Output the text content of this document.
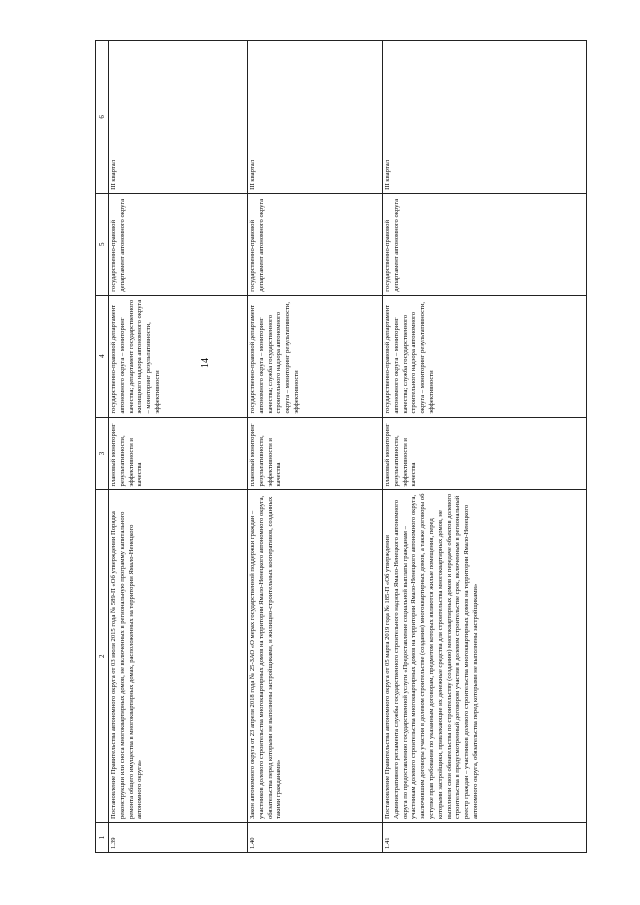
14
1
2
3
4
5
6
1.39
Постановление Правительства автономного округа от 03 июля 2015 года № 589-П «Об утверждении Порядка реконструкции или сноса многоквартирных домов, не включенных в региональную программу капитального ремонта общего имущества в многоквартирных домах, расположенных на территории Ямало-Ненецкого автономного округа»
плановый мониторинг результативности, эффективности и качества
государственно-правовой департамент автономного округа – мониторинг качества; департамент государственного жилищного надзора автономного округа – мониторинг результативности, эффективности
государственно-правовой департамент автономного округа
III квартал
1.40
Закон автономного округа от 23 апреля 2018 года № 25-ЗАО «О мерах государственной поддержки граждан – участников долевого строительства многоквартирных домов на территории Ямало-Ненецкого автономного округа, обязательства перед которыми не выполнены застройщиками, и жилищно-строительных кооперативов, созданных такими гражданами»
плановый мониторинг результативности, эффективности и качества
государственно-правовой департамент автономного округа – мониторинг качества; служба государственного строительного надзора автономного округа – мониторинг результативности, эффективности
государственно-правовой департамент автономного округа
III квартал
1.41
Постановление Правительства автономного округа от 05 марта 2019 года № 185-П «Об утверждении Административного регламента службы государственного строительного надзора Ямало-Ненецкого автономного округа по предоставлению государственной услуги «Предоставление социальной выплаты гражданам – участникам долевого строительства многоквартирных домов на территории Ямало-Ненецкого автономного округа, заключившим договоры участия в долевом строительстве (создании) многоквартирных домов, а также договоры об уступке прав требования по указанным договорам, предметом которых являются жилые помещения, перед которыми застройщики, привлекающие их денежные средства для строительства многоквартирных домов, не выполнили свои обязательства по строительству (созданию) многоквартирных домов и передаче объектов долевого строительства в предусмотренный договором участия в долевом строительстве срок, включенным в региональный реестр граждан – участников долевого строительства многоквартирных домов на территории Ямало-Ненецкого автономного округа, обязательства перед которыми не выполнены застройщиками»
плановый мониторинг результативности, эффективности и качества
государственно-правовой департамент автономного округа – мониторинг качества; служба государственного строительного надзора автономного округа – мониторинг результативности, эффективности
государственно-правовой департамент автономного округа
III квартал
